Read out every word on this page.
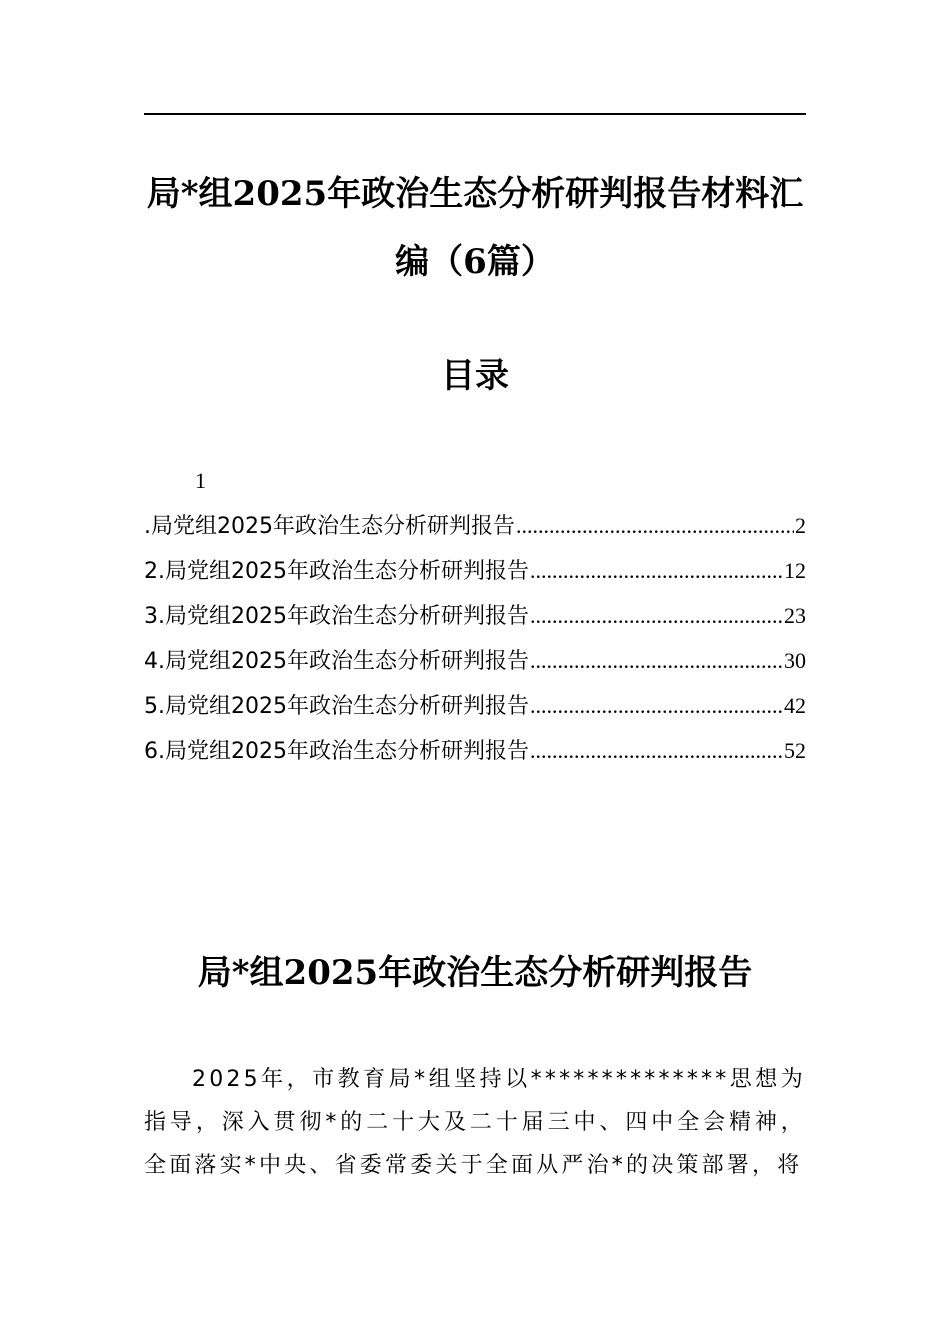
局*组2025年政治生态分析研判报告材料汇编（6篇）
目录
1
.局党组2025年政治生态分析研判报告 .....	2
2.局党组2025年政治生态分析研判报告 .....	12
3.局党组2025年政治生态分析研判报告 .....	23
4.局党组2025年政治生态分析研判报告 .....	30
5.局党组2025年政治生态分析研判报告 .....	42
6.局党组2025年政治生态分析研判报告 .....	52
局*组2025年政治生态分析研判报告
2025年，市教育局*组坚持以**************思想为指导，深入贯彻*的二十大及二十届三中、四中全会精神，全面落实*中央、省委常委关于全面从严治*的决策部署，将
